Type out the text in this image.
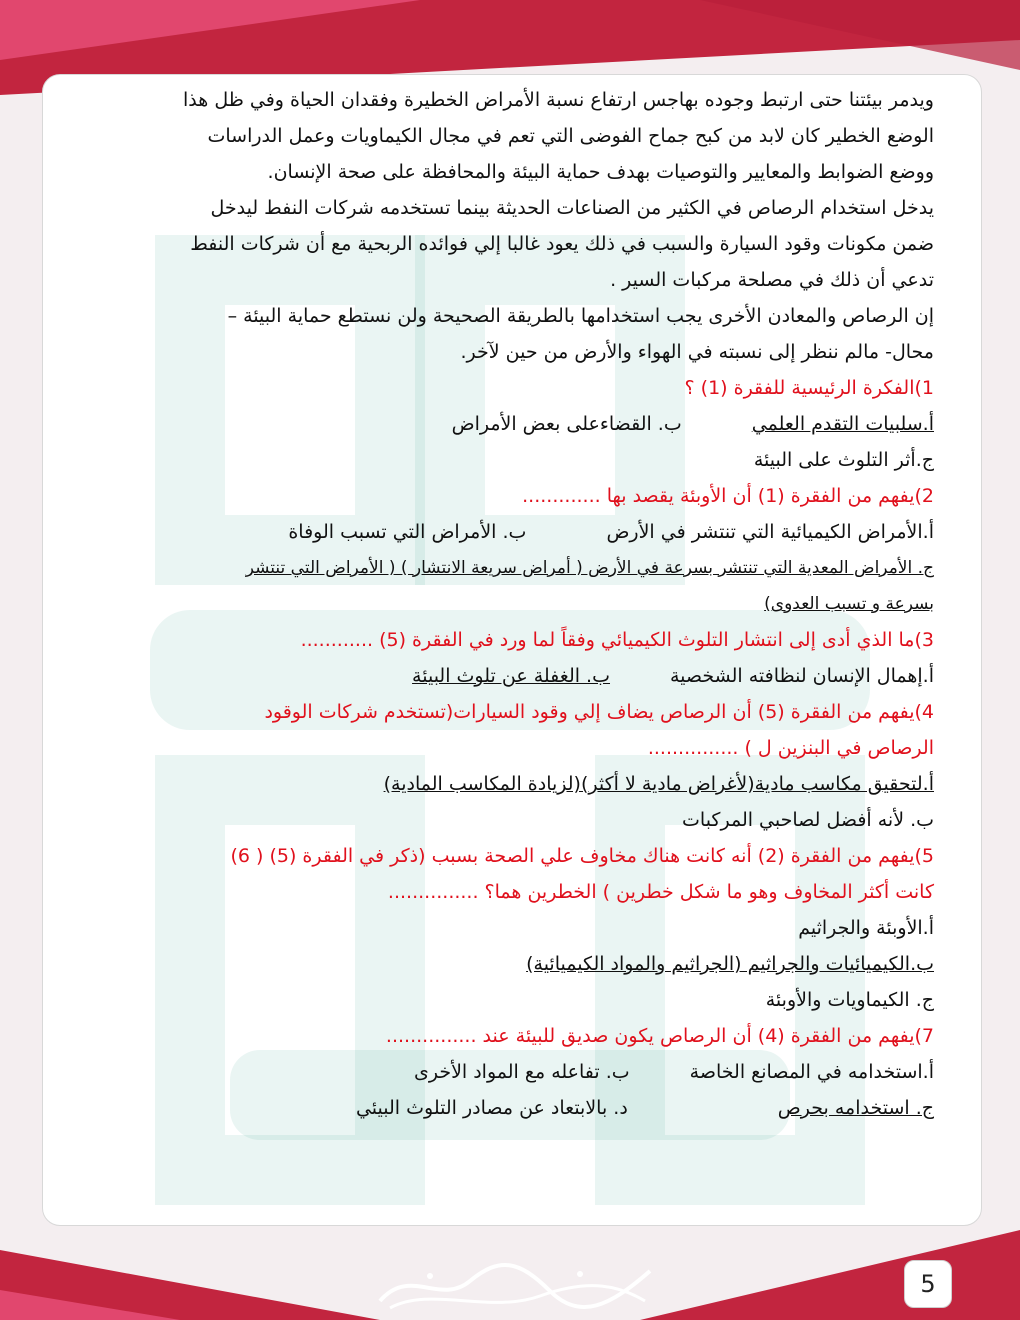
ويدمر بيئتنا حتى ارتبط وجوده بهاجس ارتفاع نسبة الأمراض الخطيرة وفقدان الحياة وفي ظل هذا
الوضع الخطير كان لابد من كبح جماح الفوضى التي تعم في مجال الكيماويات وعمل الدراسات
ووضع الضوابط والمعايير والتوصيات بهدف حماية البيئة والمحافظة على صحة الإنسان.
يدخل استخدام الرصاص في الكثير من الصناعات الحديثة بينما تستخدمه شركات النفط ليدخل
ضمن مكونات وقود السيارة والسبب في ذلك يعود غالبا إلي فوائده الربحية مع أن شركات النفط
تدعي أن ذلك في مصلحة مركبات السير .
إن الرصاص والمعادن الأخرى يجب استخدامها بالطريقة الصحيحة ولن نستطع حماية البيئة –
محال- مالم ننظر إلى نسبته في الهواء والأرض من حين لآخر.
1)الفكرة الرئيسية للفقرة (1) ؟
أ.سلبيات التقدم العلمي
ب. القضاءعلى بعض الأمراض
ج.أثر التلوث على البيئة
2)يفهم من الفقرة (1) أن الأوبئة يقصد بها .............
أ.الأمراض الكيميائية التي تنتشر في الأرض
ب. الأمراض التي تسبب الوفاة
ج. الأمراض المعدية التي تنتشر بسرعة في الأرض ( أمراض سريعة الانتشار ) ( الأمراض التي تنتشر
بسرعة و تسبب العدوى)
3)ما الذي أدى إلى انتشار التلوث الكيميائي وفقاً لما ورد في الفقرة (5) ............
أ.إهمال الإنسان لنظافته الشخصية
ب. الغفلة عن تلوث البيئة
4)يفهم من الفقرة (5) أن الرصاص يضاف إلي وقود السيارات(تستخدم شركات الوقود
الرصاص في البنزين ل ) ...............
أ.لتحقيق مكاسب مادية(لأغراض مادية لا أكثر)(لزيادة المكاسب المادية)
ب. لأنه أفضل لصاحبي المركبات
5)يفهم من الفقرة (2) أنه كانت هناك مخاوف علي الصحة بسبب (ذكر في الفقرة (5) ( 6)
كانت أكثر المخاوف وهو ما شكل خطرين ) الخطرين هما؟ ...............
أ.الأوبئة والجراثيم
ب.الكيميائيات والجراثيم (الجراثيم والمواد الكيميائية)
ج. الكيماويات والأوبئة
7)يفهم من الفقرة (4) أن الرصاص يكون صديق للبيئة عند ...............
أ.استخدامه في المصانع الخاصة
ب. تفاعله مع المواد الأخرى
ج. استخدامه بحرص
د. بالابتعاد عن مصادر التلوث البيئي
5
